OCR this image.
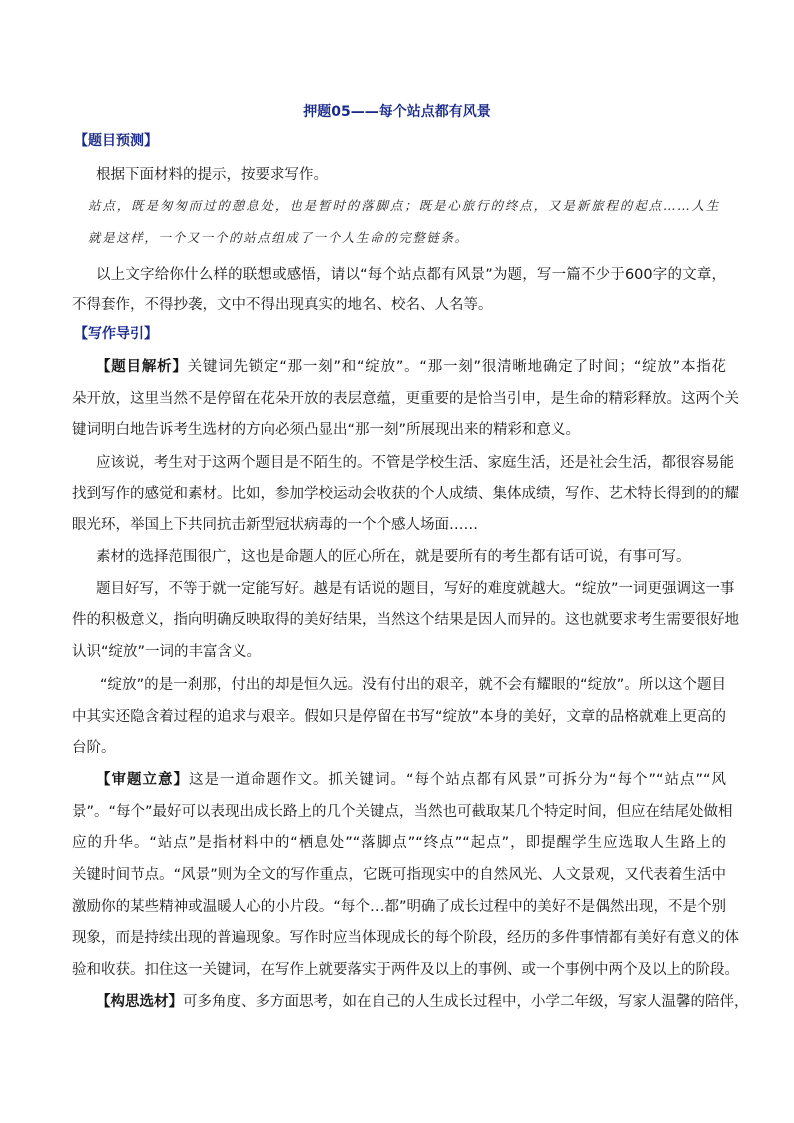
押题05——每个站点都有风景
【题目预测】
根据下面材料的提示，按要求写作。
站点，既是匆匆而过的憩息处，也是暂时的落脚点；既是心旅行的终点，又是新旅程的起点……人生
就是这样，一个又一个的站点组成了一个人生命的完整链条。
以上文字给你什么样的联想或感悟，请以“每个站点都有风景”为题，写一篇不少于600字的文章，
不得套作，不得抄袭，文中不得出现真实的地名、校名、人名等。
【写作导引】
【题目解析】关键词先锁定“那一刻”和“绽放”。“那一刻”很清晰地确定了时间；“绽放”本指花
朵开放，这里当然不是停留在花朵开放的表层意蕴，更重要的是恰当引申，是生命的精彩释放。这两个关
键词明白地告诉考生选材的方向必须凸显出“那一刻”所展现出来的精彩和意义。
应该说，考生对于这两个题目是不陌生的。不管是学校生活、家庭生活，还是社会生活，都很容易能
找到写作的感觉和素材。比如，参加学校运动会收获的个人成绩、集体成绩，写作、艺术特长得到的的耀
眼光环，举国上下共同抗击新型冠状病毒的一个个感人场面……
素材的选择范围很广，这也是命题人的匠心所在，就是要所有的考生都有话可说，有事可写。
题目好写，不等于就一定能写好。越是有话说的题目，写好的难度就越大。“绽放”一词更强调这一事
件的积极意义，指向明确反映取得的美好结果，当然这个结果是因人而异的。这也就要求考生需要很好地
认识“绽放”一词的丰富含义。
“绽放”的是一刹那，付出的却是恒久远。没有付出的艰辛，就不会有耀眼的“绽放”。所以这个题目
中其实还隐含着过程的追求与艰辛。假如只是停留在书写“绽放”本身的美好，文章的品格就难上更高的
台阶。
【审题立意】这是一道命题作文。抓关键词。“每个站点都有风景”可拆分为“每个”“站点”“风
景”。“每个”最好可以表现出成长路上的几个关键点，当然也可截取某几个特定时间，但应在结尾处做相
应的升华。“站点”是指材料中的“栖息处”“落脚点”“终点”“起点”，即提醒学生应选取人生路上的
关键时间节点。“风景”则为全文的写作重点，它既可指现实中的自然风光、人文景观，又代表着生活中
激励你的某些精神或温暖人心的小片段。“每个…都”明确了成长过程中的美好不是偶然出现，不是个别
现象，而是持续出现的普遍现象。写作时应当体现成长的每个阶段，经历的多件事情都有美好有意义的体
验和收获。扣住这一关键词，在写作上就要落实于两件及以上的事例、或一个事例中两个及以上的阶段。
【构思选材】可多角度、多方面思考，如在自己的人生成长过程中，小学二年级，写家人温馨的陪伴，
